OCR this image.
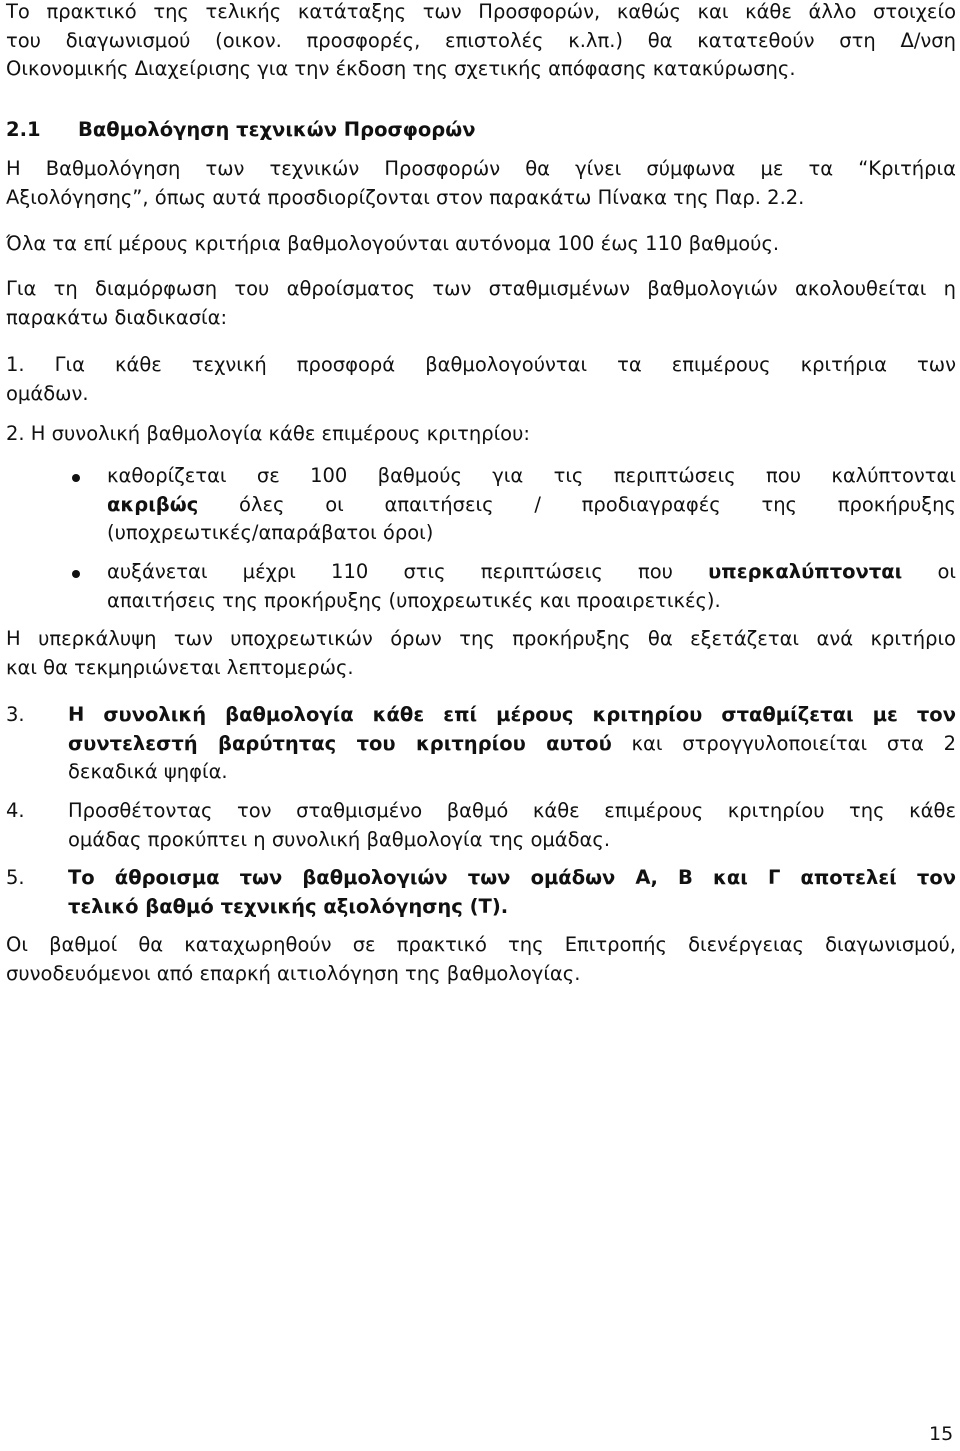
Το πρακτικό της τελικής κατάταξης των Προσφορών, καθώς και κάθε άλλο στοιχείο
του διαγωνισμού (οικον. προσφορές, επιστολές κ.λπ.) θα κατατεθούν στη Δ/νση
Οικονομικής Διαχείρισης για την έκδοση της σχετικής απόφασης κατακύρωσης.
2.1 Βαθμολόγηση τεχνικών Προσφορών
Η Βαθμολόγηση των τεχνικών Προσφορών θα γίνει σύμφωνα με τα “Κριτήρια
Αξιολόγησης”, όπως αυτά προσδιορίζονται στον παρακάτω Πίνακα της Παρ. 2.2.
Όλα τα επί μέρους κριτήρια βαθμολογούνται αυτόνομα 100 έως 110 βαθμούς.
Για τη διαμόρφωση του αθροίσματος των σταθμισμένων βαθμολογιών ακολουθείται η
παρακάτω διαδικασία:
1. Για κάθε τεχνική προσφορά βαθμολογούνται τα επιμέρους κριτήρια των
ομάδων.
2. Η συνολική βαθμολογία κάθε επιμέρους κριτηρίου:
καθορίζεται σε 100 βαθμούς για τις περιπτώσεις που καλύπτονται
ακριβώς όλες οι απαιτήσεις / προδιαγραφές της προκήρυξης
(υποχρεωτικές/απαράβατοι όροι)
αυξάνεται μέχρι 110 στις περιπτώσεις που υπερκαλύπτονται οι
απαιτήσεις της προκήρυξης (υποχρεωτικές και προαιρετικές).
Η υπερκάλυψη των υποχρεωτικών όρων της προκήρυξης θα εξετάζεται ανά κριτήριο
και θα τεκμηριώνεται λεπτομερώς.
3. Η συνολική βαθμολογία κάθε επί μέρους κριτηρίου σταθμίζεται με τον
συντελεστή βαρύτητας του κριτηρίου αυτού και στρογγυλοποιείται στα 2
δεκαδικά ψηφία.
4. Προσθέτοντας τον σταθμισμένο βαθμό κάθε επιμέρους κριτηρίου της κάθε
ομάδας προκύπτει η συνολική βαθμολογία της ομάδας.
5. Το άθροισμα των βαθμολογιών των ομάδων Α, Β και Γ αποτελεί τον
τελικό βαθμό τεχνικής αξιολόγησης (Τ).
Οι βαθμοί θα καταχωρηθούν σε πρακτικό της Επιτροπής διενέργειας διαγωνισμού,
συνοδευόμενοι από επαρκή αιτιολόγηση της βαθμολογίας.
15
